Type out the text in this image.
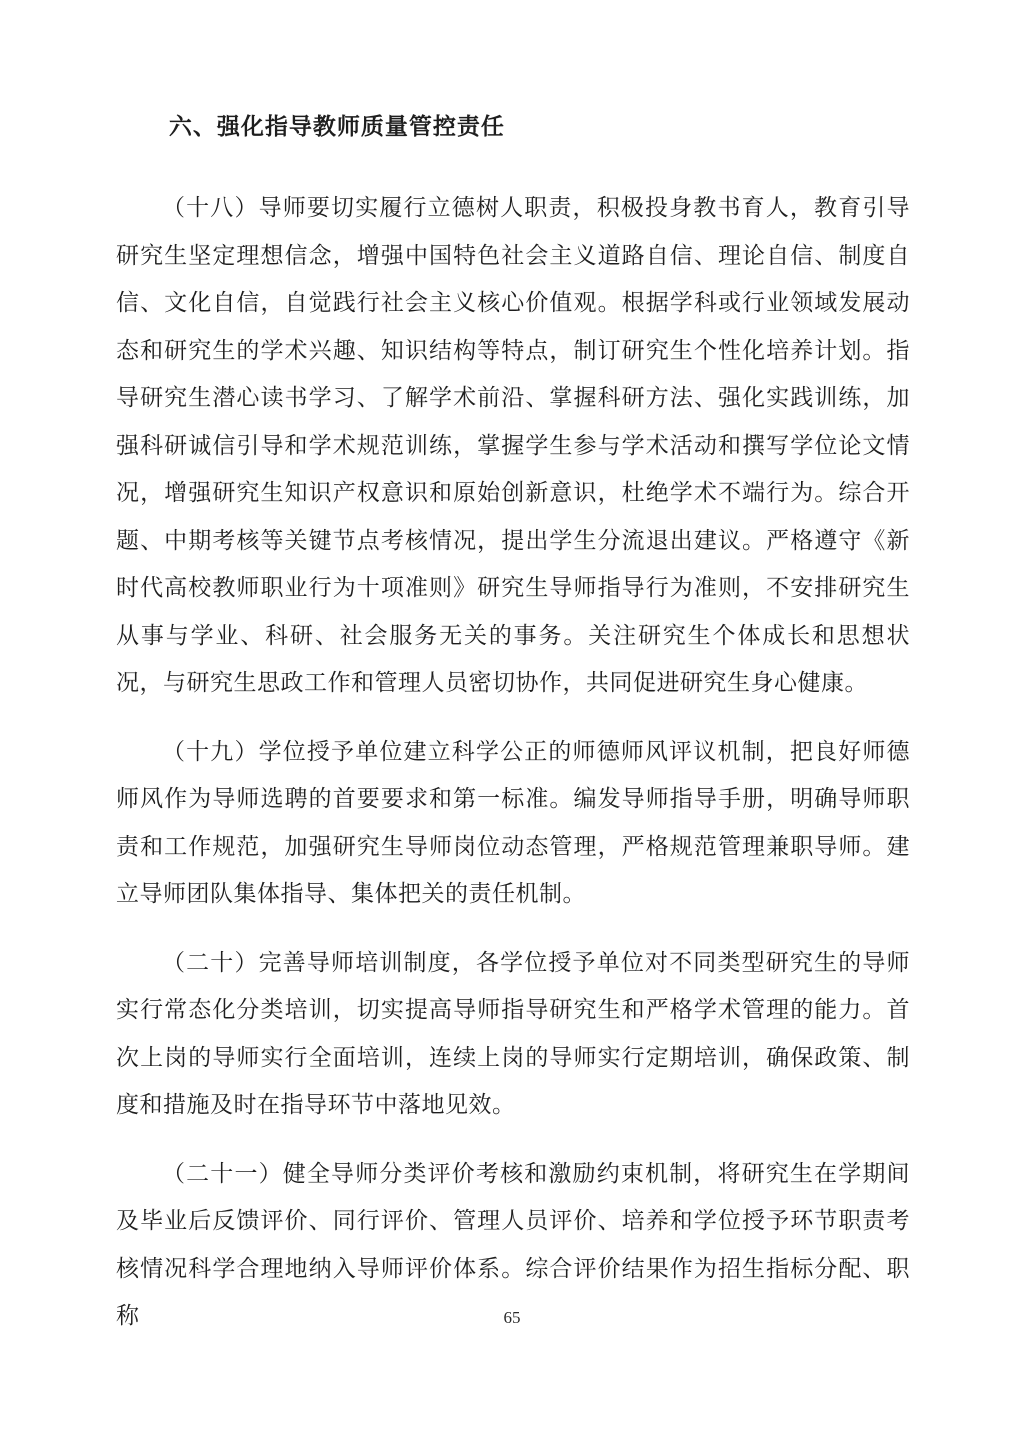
六、强化指导教师质量管控责任

（十八）导师要切实履行立德树人职责，积极投身教书育人，教育引导研究生坚定理想信念，增强中国特色社会主义道路自信、理论自信、制度自信、文化自信，自觉践行社会主义核心价值观。根据学科或行业领域发展动态和研究生的学术兴趣、知识结构等特点，制订研究生个性化培养计划。指导研究生潜心读书学习、了解学术前沿、掌握科研方法、强化实践训练，加强科研诚信引导和学术规范训练，掌握学生参与学术活动和撰写学位论文情况，增强研究生知识产权意识和原始创新意识，杜绝学术不端行为。综合开题、中期考核等关键节点考核情况，提出学生分流退出建议。严格遵守《新时代高校教师职业行为十项准则》研究生导师指导行为准则，不安排研究生从事与学业、科研、社会服务无关的事务。关注研究生个体成长和思想状况，与研究生思政工作和管理人员密切协作，共同促进研究生身心健康。

（十九）学位授予单位建立科学公正的师德师风评议机制，把良好师德师风作为导师选聘的首要要求和第一标准。编发导师指导手册，明确导师职责和工作规范，加强研究生导师岗位动态管理，严格规范管理兼职导师。建立导师团队集体指导、集体把关的责任机制。

（二十）完善导师培训制度，各学位授予单位对不同类型研究生的导师实行常态化分类培训，切实提高导师指导研究生和严格学术管理的能力。首次上岗的导师实行全面培训，连续上岗的导师实行定期培训，确保政策、制度和措施及时在指导环节中落地见效。

（二十一）健全导师分类评价考核和激励约束机制，将研究生在学期间及毕业后反馈评价、同行评价、管理人员评价、培养和学位授予环节职责考核情况科学合理地纳入导师评价体系。综合评价结果作为招生指标分配、职称	65
